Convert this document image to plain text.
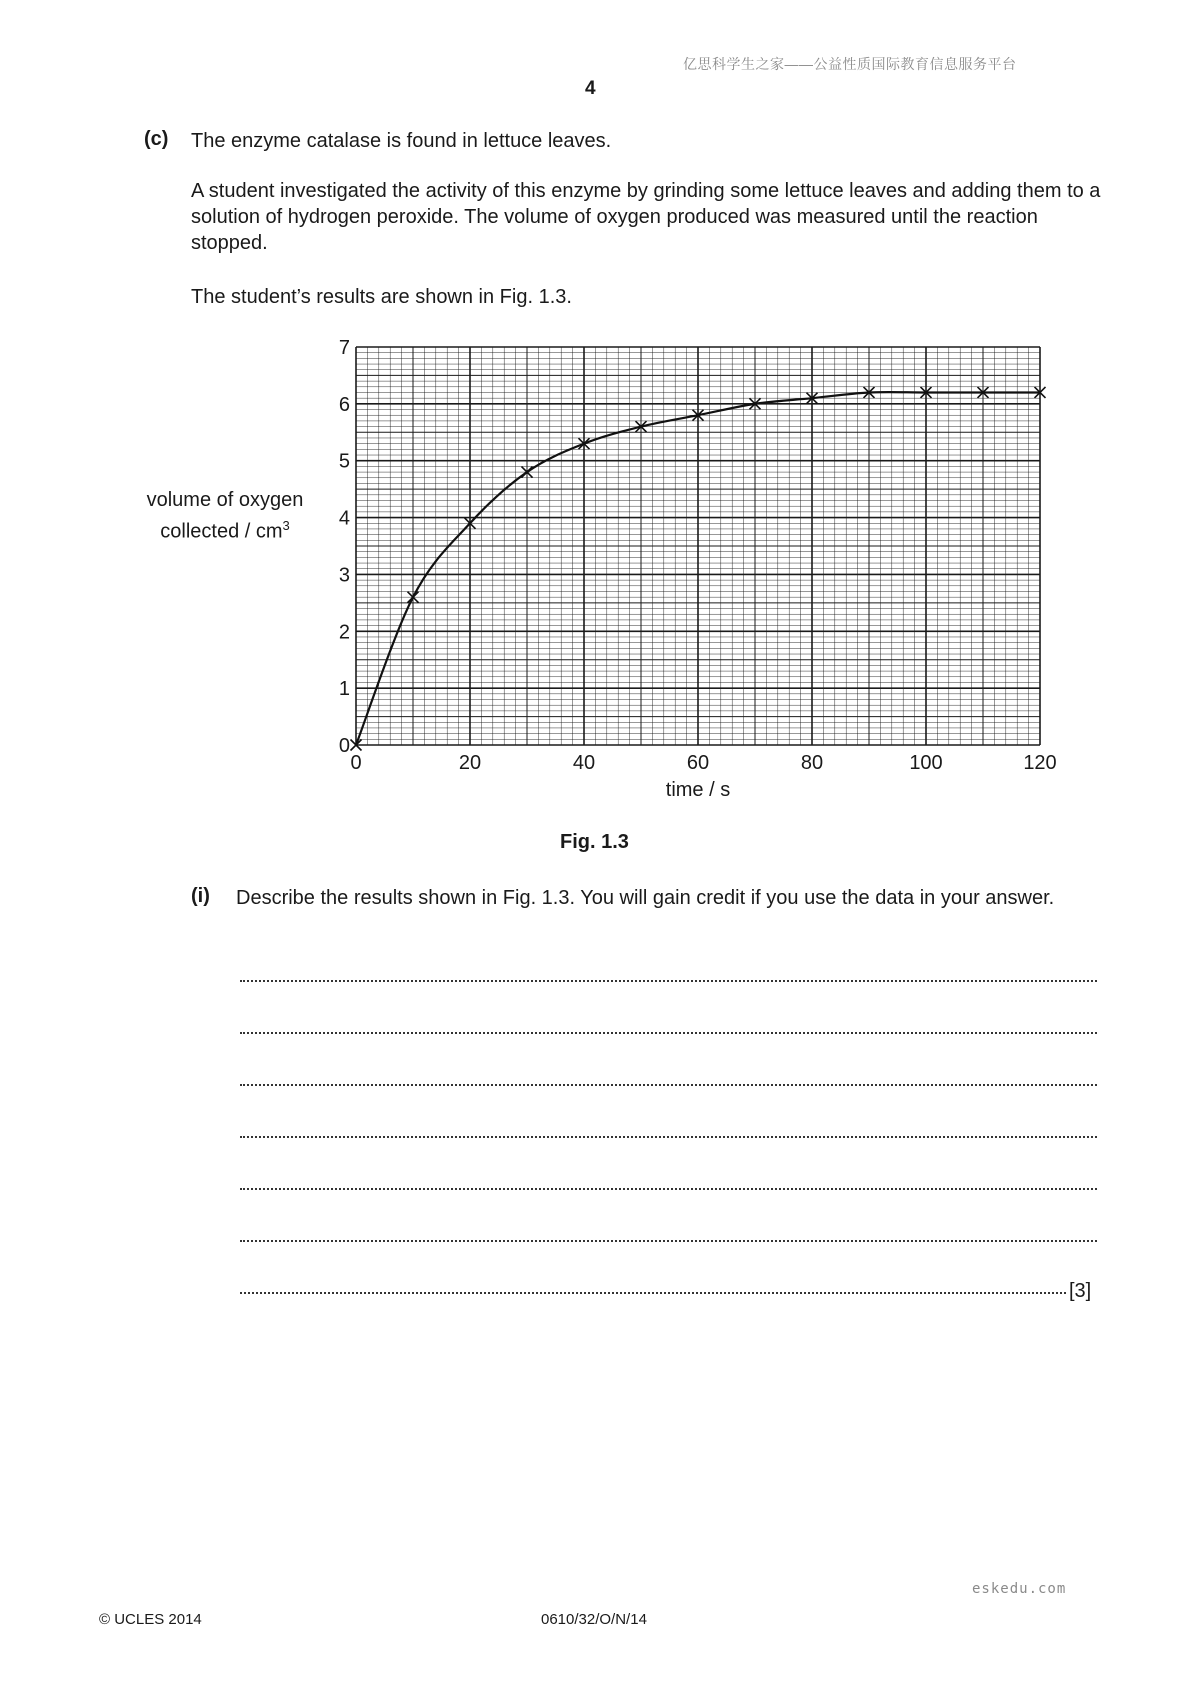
亿思科学生之家——公益性质国际教育信息服务平台
4
(c) The enzyme catalase is found in lettuce leaves.
A student investigated the activity of this enzyme by grinding some lettuce leaves and adding them to a solution of hydrogen peroxide. The volume of oxygen produced was measured until the reaction stopped.
The student’s results are shown in Fig. 1.3.
volume of oxygen
collected / $cm^3$
0	20	40	60	80	100	120
0
1
2
3
4
5
6
7
time / s
Fig. 1.3
(i) Describe the results shown in Fig. 1.3. You will gain credit if you use the data in your answer.
[3]
eskedu.com
© UCLES 2014	0610/32/O/N/14
